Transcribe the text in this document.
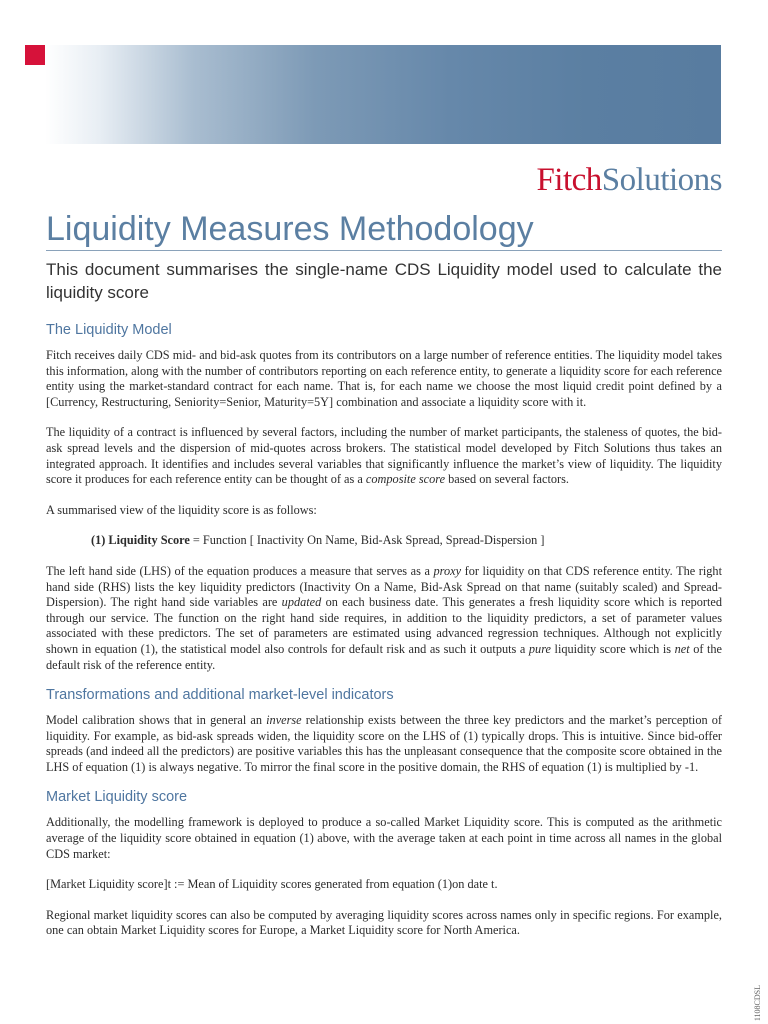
FitchSolutions
Liquidity Measures Methodology

This document summarises the single-name CDS Liquidity model used to calculate the liquidity score

The Liquidity Model

Fitch receives daily CDS mid- and bid-ask quotes from its contributors on a large number of reference entities. The liquidity model takes this information, along with the number of contributors reporting on each reference entity, to generate a liquidity score for each reference entity using the market-standard contract for each name. That is, for each name we choose the most liquid credit point defined by a [Currency, Restructuring, Seniority=Senior, Maturity=5Y] combination and associate a liquidity score with it.

The liquidity of a contract is influenced by several factors, including the number of market participants, the staleness of quotes, the bid-ask spread levels and the dispersion of mid-quotes across brokers. The statistical model developed by Fitch Solutions thus takes an integrated approach. It identifies and includes several variables that significantly influence the market’s view of liquidity. The liquidity score it produces for each reference entity can be thought of as a composite score based on several factors.

A summarised view of the liquidity score is as follows:

(1) Liquidity Score = Function [ Inactivity On Name, Bid-Ask Spread, Spread-Dispersion ]

The left hand side (LHS) of the equation produces a measure that serves as a proxy for liquidity on that CDS reference entity. The right hand side (RHS) lists the key liquidity predictors (Inactivity On a Name, Bid-Ask Spread on that name (suitably scaled) and Spread-Dispersion). The right hand side variables are updated on each business date. This generates a fresh liquidity score which is reported through our service. The function on the right hand side requires, in addition to the liquidity predictors, a set of parameter values associated with these predictors. The set of parameters are estimated using advanced regression techniques. Although not explicitly shown in equation (1), the statistical model also controls for default risk and as such it outputs a pure liquidity score which is net of the default risk of the reference entity.

Transformations and additional market-level indicators

Model calibration shows that in general an inverse relationship exists between the three key predictors and the market’s perception of liquidity. For example, as bid-ask spreads widen, the liquidity score on the LHS of (1) typically drops. This is intuitive. Since bid-offer spreads (and indeed all the predictors) are positive variables this has the unpleasant consequence that the composite score obtained in the LHS of equation (1) is always negative. To mirror the final score in the positive domain, the RHS of equation (1) is multiplied by -1.

Market Liquidity score

Additionally, the modelling framework is deployed to produce a so-called Market Liquidity score. This is computed as the arithmetic average of the liquidity score obtained in equation (1) above, with the average taken at each point in time across all names in the global CDS market:

[Market Liquidity score]t := Mean of Liquidity scores generated from equation (1)on date t.

Regional market liquidity scores can also be computed by averaging liquidity scores across names only in specific regions. For example, one can obtain Market Liquidity scores for Europe, a Market Liquidity score for North America.

1108CDSL
